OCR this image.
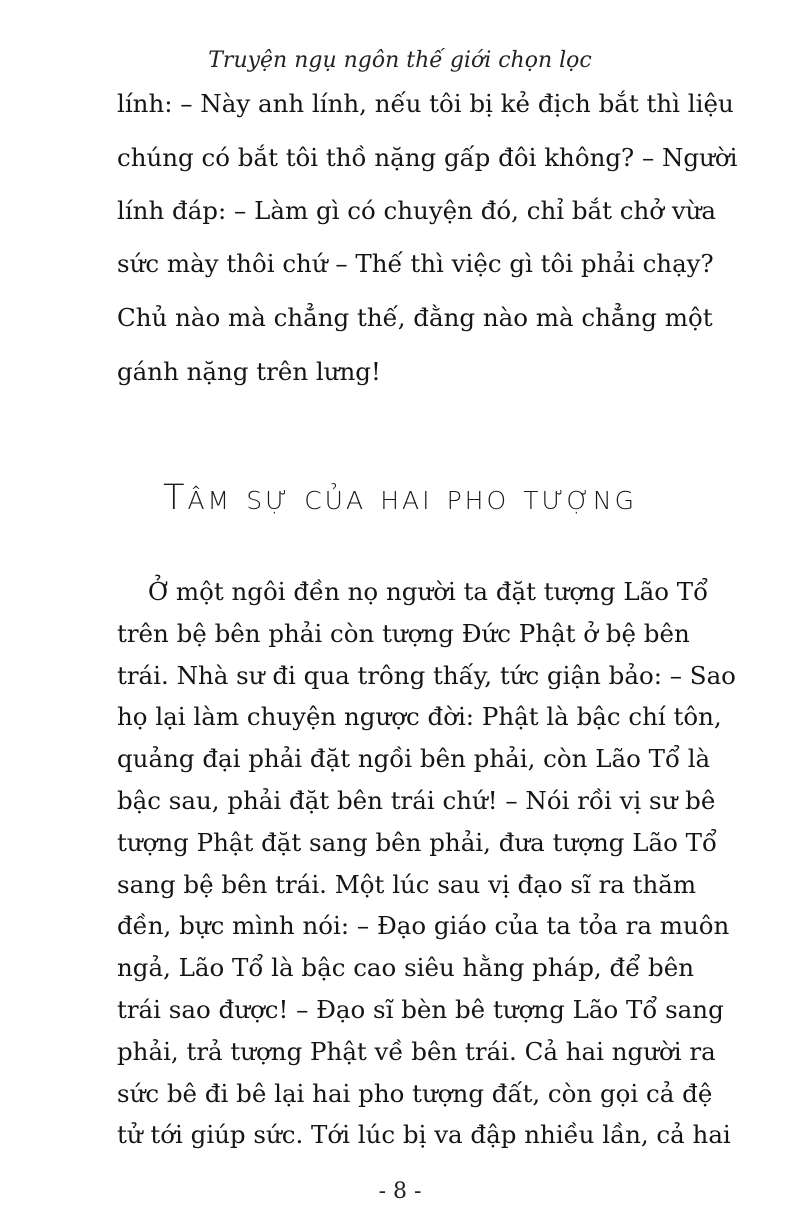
Truyện ngụ ngôn thế giới chọn lọc
lính: – Này anh lính, nếu tôi bị kẻ địch bắt thì liệu
chúng có bắt tôi thồ nặng gấp đôi không? – Người
lính đáp: – Làm gì có chuyện đó, chỉ bắt chở vừa
sức mày thôi chứ – Thế thì việc gì tôi phải chạy?
Chủ nào mà chẳng thế, đằng nào mà chẳng một
gánh nặng trên lưng!
Tâm sự của hai pho tượng
Ở một ngôi đền nọ người ta đặt tượng Lão Tổ
trên bệ bên phải còn tượng Đức Phật ở bệ bên
trái. Nhà sư đi qua trông thấy, tức giận bảo: – Sao
họ lại làm chuyện ngược đời: Phật là bậc chí tôn,
quảng đại phải đặt ngồi bên phải, còn Lão Tổ là
bậc sau, phải đặt bên trái chứ! – Nói rồi vị sư bê
tượng Phật đặt sang bên phải, đưa tượng Lão Tổ
sang bệ bên trái. Một lúc sau vị đạo sĩ ra thăm
đền, bực mình nói: – Đạo giáo của ta tỏa ra muôn
ngả, Lão Tổ là bậc cao siêu hằng pháp, để bên
trái sao được! – Đạo sĩ bèn bê tượng Lão Tổ sang
phải, trả tượng Phật về bên trái. Cả hai người ra
sức bê đi bê lại hai pho tượng đất, còn gọi cả đệ
tử tới giúp sức. Tới lúc bị va đập nhiều lần, cả hai
- 8 -
